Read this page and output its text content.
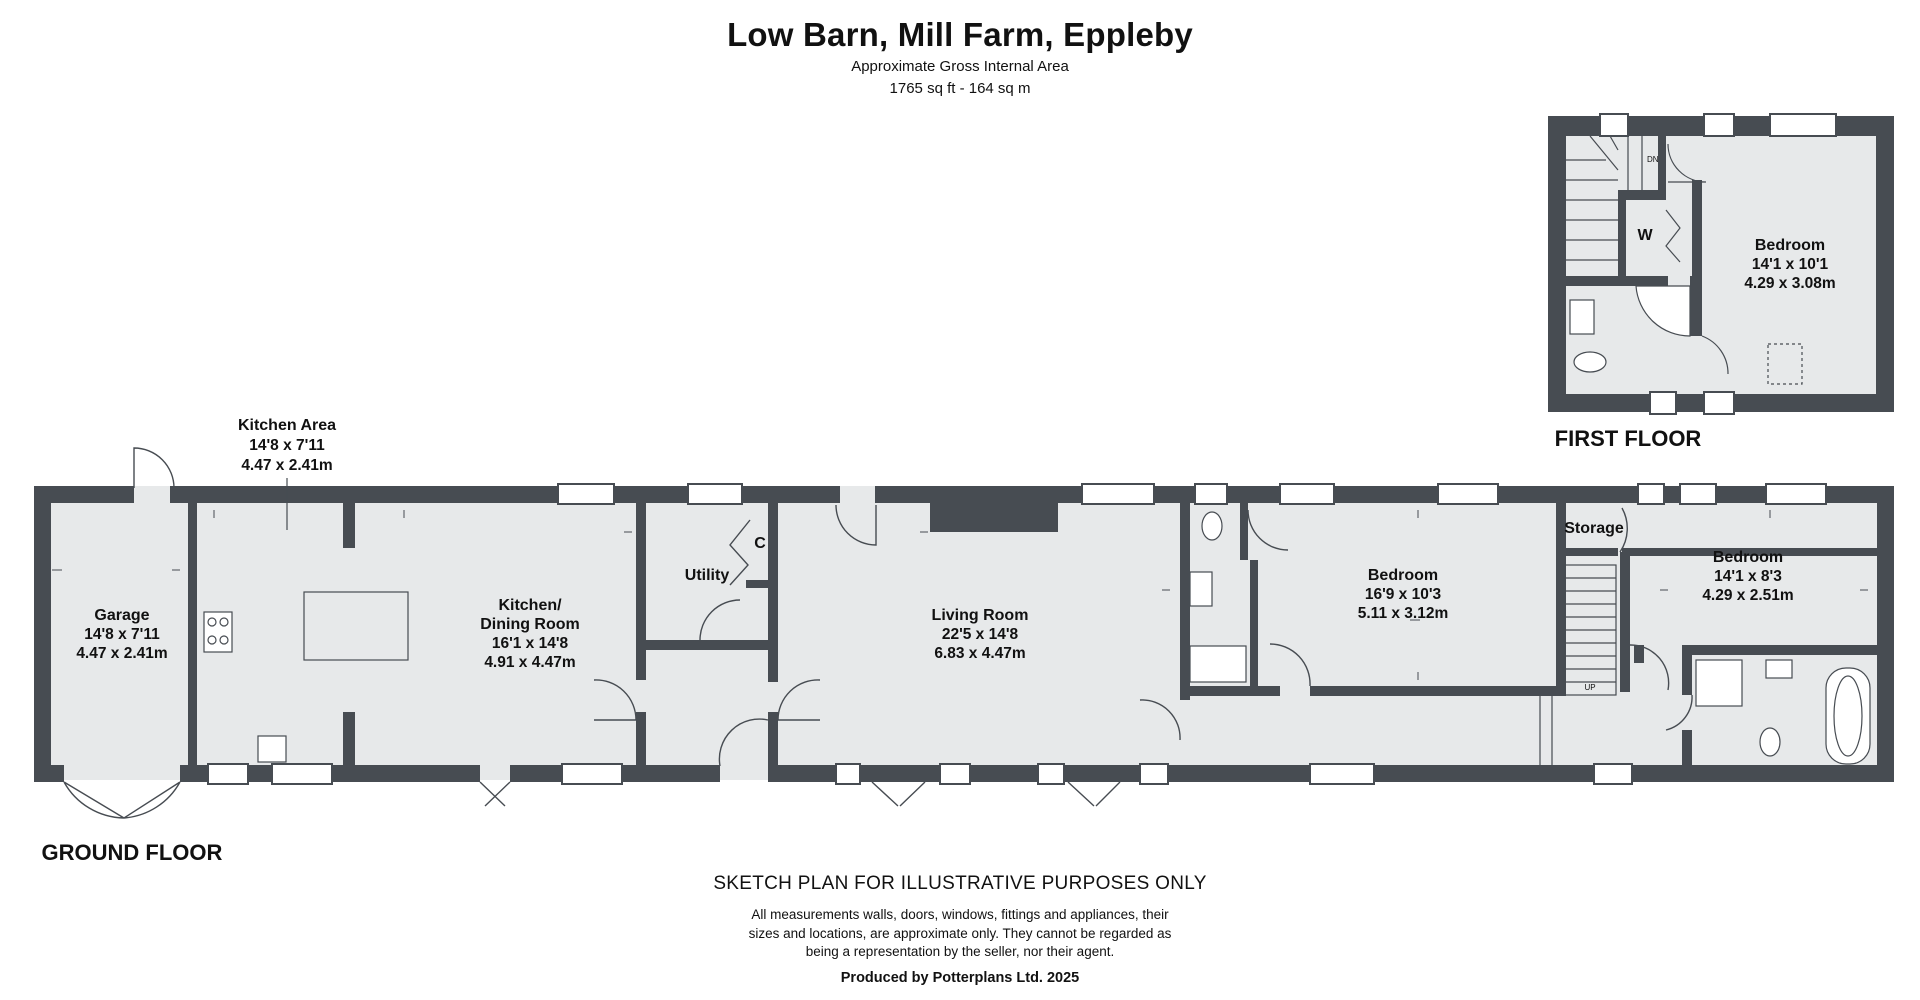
Low Barn, Mill Farm, Eppleby
Approximate Gross Internal Area
1765 sq ft - 164 sq m
Kitchen Area
14'8 x 7'11
4.47 x 2.41m
Garage
14'8 x 7'11
4.47 x 2.41m
Kitchen/
Dining Room
16'1 x 14'8
4.91 x 4.47m
Utility
C
Living Room
22'5 x 14'8
6.83 x 4.47m
Bedroom
16'9 x 10'3
5.11 x 3.12m
Storage
Bedroom
14'1 x 8'3
4.29 x 2.51m
UP
GROUND FLOOR
DN
W
Bedroom
14'1 x 10'1
4.29 x 3.08m
FIRST FLOOR
SKETCH PLAN FOR ILLUSTRATIVE PURPOSES ONLY
All measurements walls, doors, windows, fittings and appliances, their
sizes and locations, are approximate only. They cannot be regarded as
being a representation by the seller, nor their agent.
Produced by Potterplans Ltd. 2025
